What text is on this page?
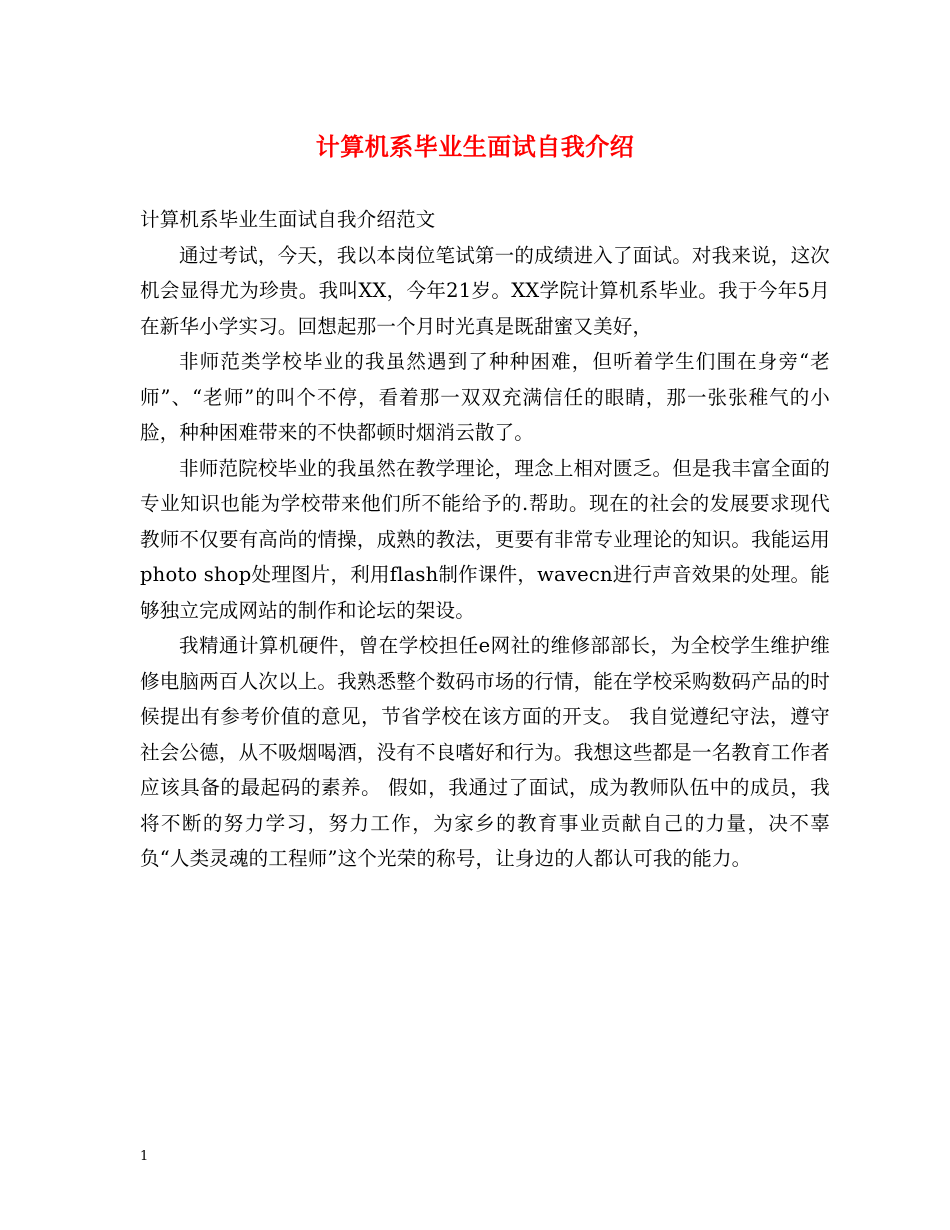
计算机系毕业生面试自我介绍

计算机系毕业生面试自我介绍范文

通过考试，今天，我以本岗位笔试第一的成绩进入了面试。对我来说，这次机会显得尤为珍贵。我叫XX，今年21岁。XX学院计算机系毕业。我于今年5月在新华小学实习。回想起那一个月时光真是既甜蜜又美好，

非师范类学校毕业的我虽然遇到了种种困难，但听着学生们围在身旁“老师”、“老师”的叫个不停，看着那一双双充满信任的眼睛，那一张张稚气的小脸，种种困难带来的不快都顿时烟消云散了。

非师范院校毕业的我虽然在教学理论，理念上相对匮乏。但是我丰富全面的专业知识也能为学校带来他们所不能给予的.帮助。现在的社会的发展要求现代教师不仅要有高尚的情操，成熟的教法，更要有非常专业理论的知识。我能运用photo shop处理图片，利用flash制作课件，wavecn进行声音效果的处理。能够独立完成网站的制作和论坛的架设。

我精通计算机硬件，曾在学校担任e网社的维修部部长，为全校学生维护维修电脑两百人次以上。我熟悉整个数码市场的行情，能在学校采购数码产品的时候提出有参考价值的意见，节省学校在该方面的开支。 我自觉遵纪守法，遵守社会公德，从不吸烟喝酒，没有不良嗜好和行为。我想这些都是一名教育工作者应该具备的最起码的素养。 假如，我通过了面试，成为教师队伍中的成员，我将不断的努力学习，努力工作，为家乡的教育事业贡献自己的力量，决不辜负“人类灵魂的工程师”这个光荣的称号，让身边的人都认可我的能力。

1
